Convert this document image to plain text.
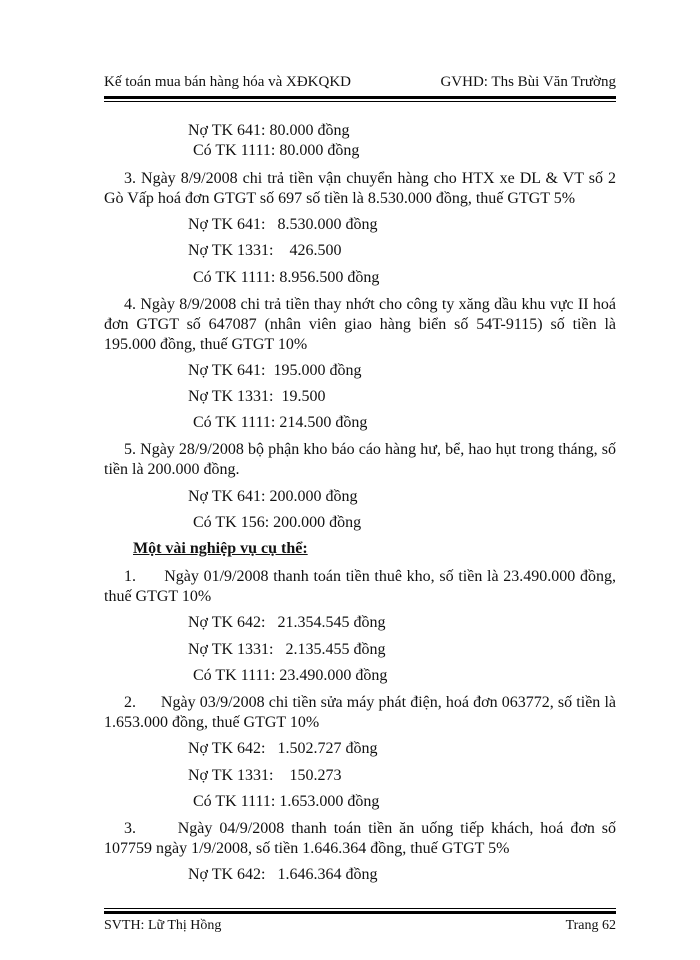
Kế toán mua bán hàng hóa và XĐKQKD	GVHD: Ths Bùi Văn Trường
Nợ TK 641: 80.000 đồng
Có TK 1111: 80.000 đồng
3. Ngày 8/9/2008 chi trả tiền vận chuyển hàng cho HTX xe DL & VT số 2
Gò Vấp hoá đơn GTGT số 697 số tiền là 8.530.000 đồng, thuế GTGT 5%
Nợ TK 641:   8.530.000 đồng
Nợ TK 1331:    426.500
Có TK 1111: 8.956.500 đồng
4. Ngày 8/9/2008 chi trả tiền thay nhớt cho công ty xăng dầu khu vực II hoá
đơn GTGT số 647087 (nhân viên giao hàng biển số 54T-9115) số tiền là
195.000 đồng, thuế GTGT 10%
Nợ TK 641:  195.000 đồng
Nợ TK 1331:  19.500
Có TK 1111: 214.500 đồng
5. Ngày 28/9/2008 bộ phận kho báo cáo hàng hư, bể, hao hụt trong tháng, số
tiền là 200.000 đồng.
Nợ TK 641: 200.000 đồng
Có TK 156: 200.000 đồng
Một vài nghiệp vụ cụ thể:
1.      Ngày 01/9/2008 thanh toán tiền thuê kho, số tiền là 23.490.000 đồng,
thuế GTGT 10%
Nợ TK 642:   21.354.545 đồng
Nợ TK 1331:   2.135.455 đồng
Có TK 1111: 23.490.000 đồng
2.      Ngày 03/9/2008 chi tiền sửa máy phát điện, hoá đơn 063772, số tiền là
1.653.000 đồng, thuế GTGT 10%
Nợ TK 642:   1.502.727 đồng
Nợ TK 1331:    150.273
Có TK 1111: 1.653.000 đồng
3.      Ngày 04/9/2008 thanh toán tiền ăn uống tiếp khách, hoá đơn số
107759 ngày 1/9/2008, số tiền 1.646.364 đồng, thuế GTGT 5%
Nợ TK 642:   1.646.364 đồng
SVTH: Lữ Thị Hồng	Trang 62
